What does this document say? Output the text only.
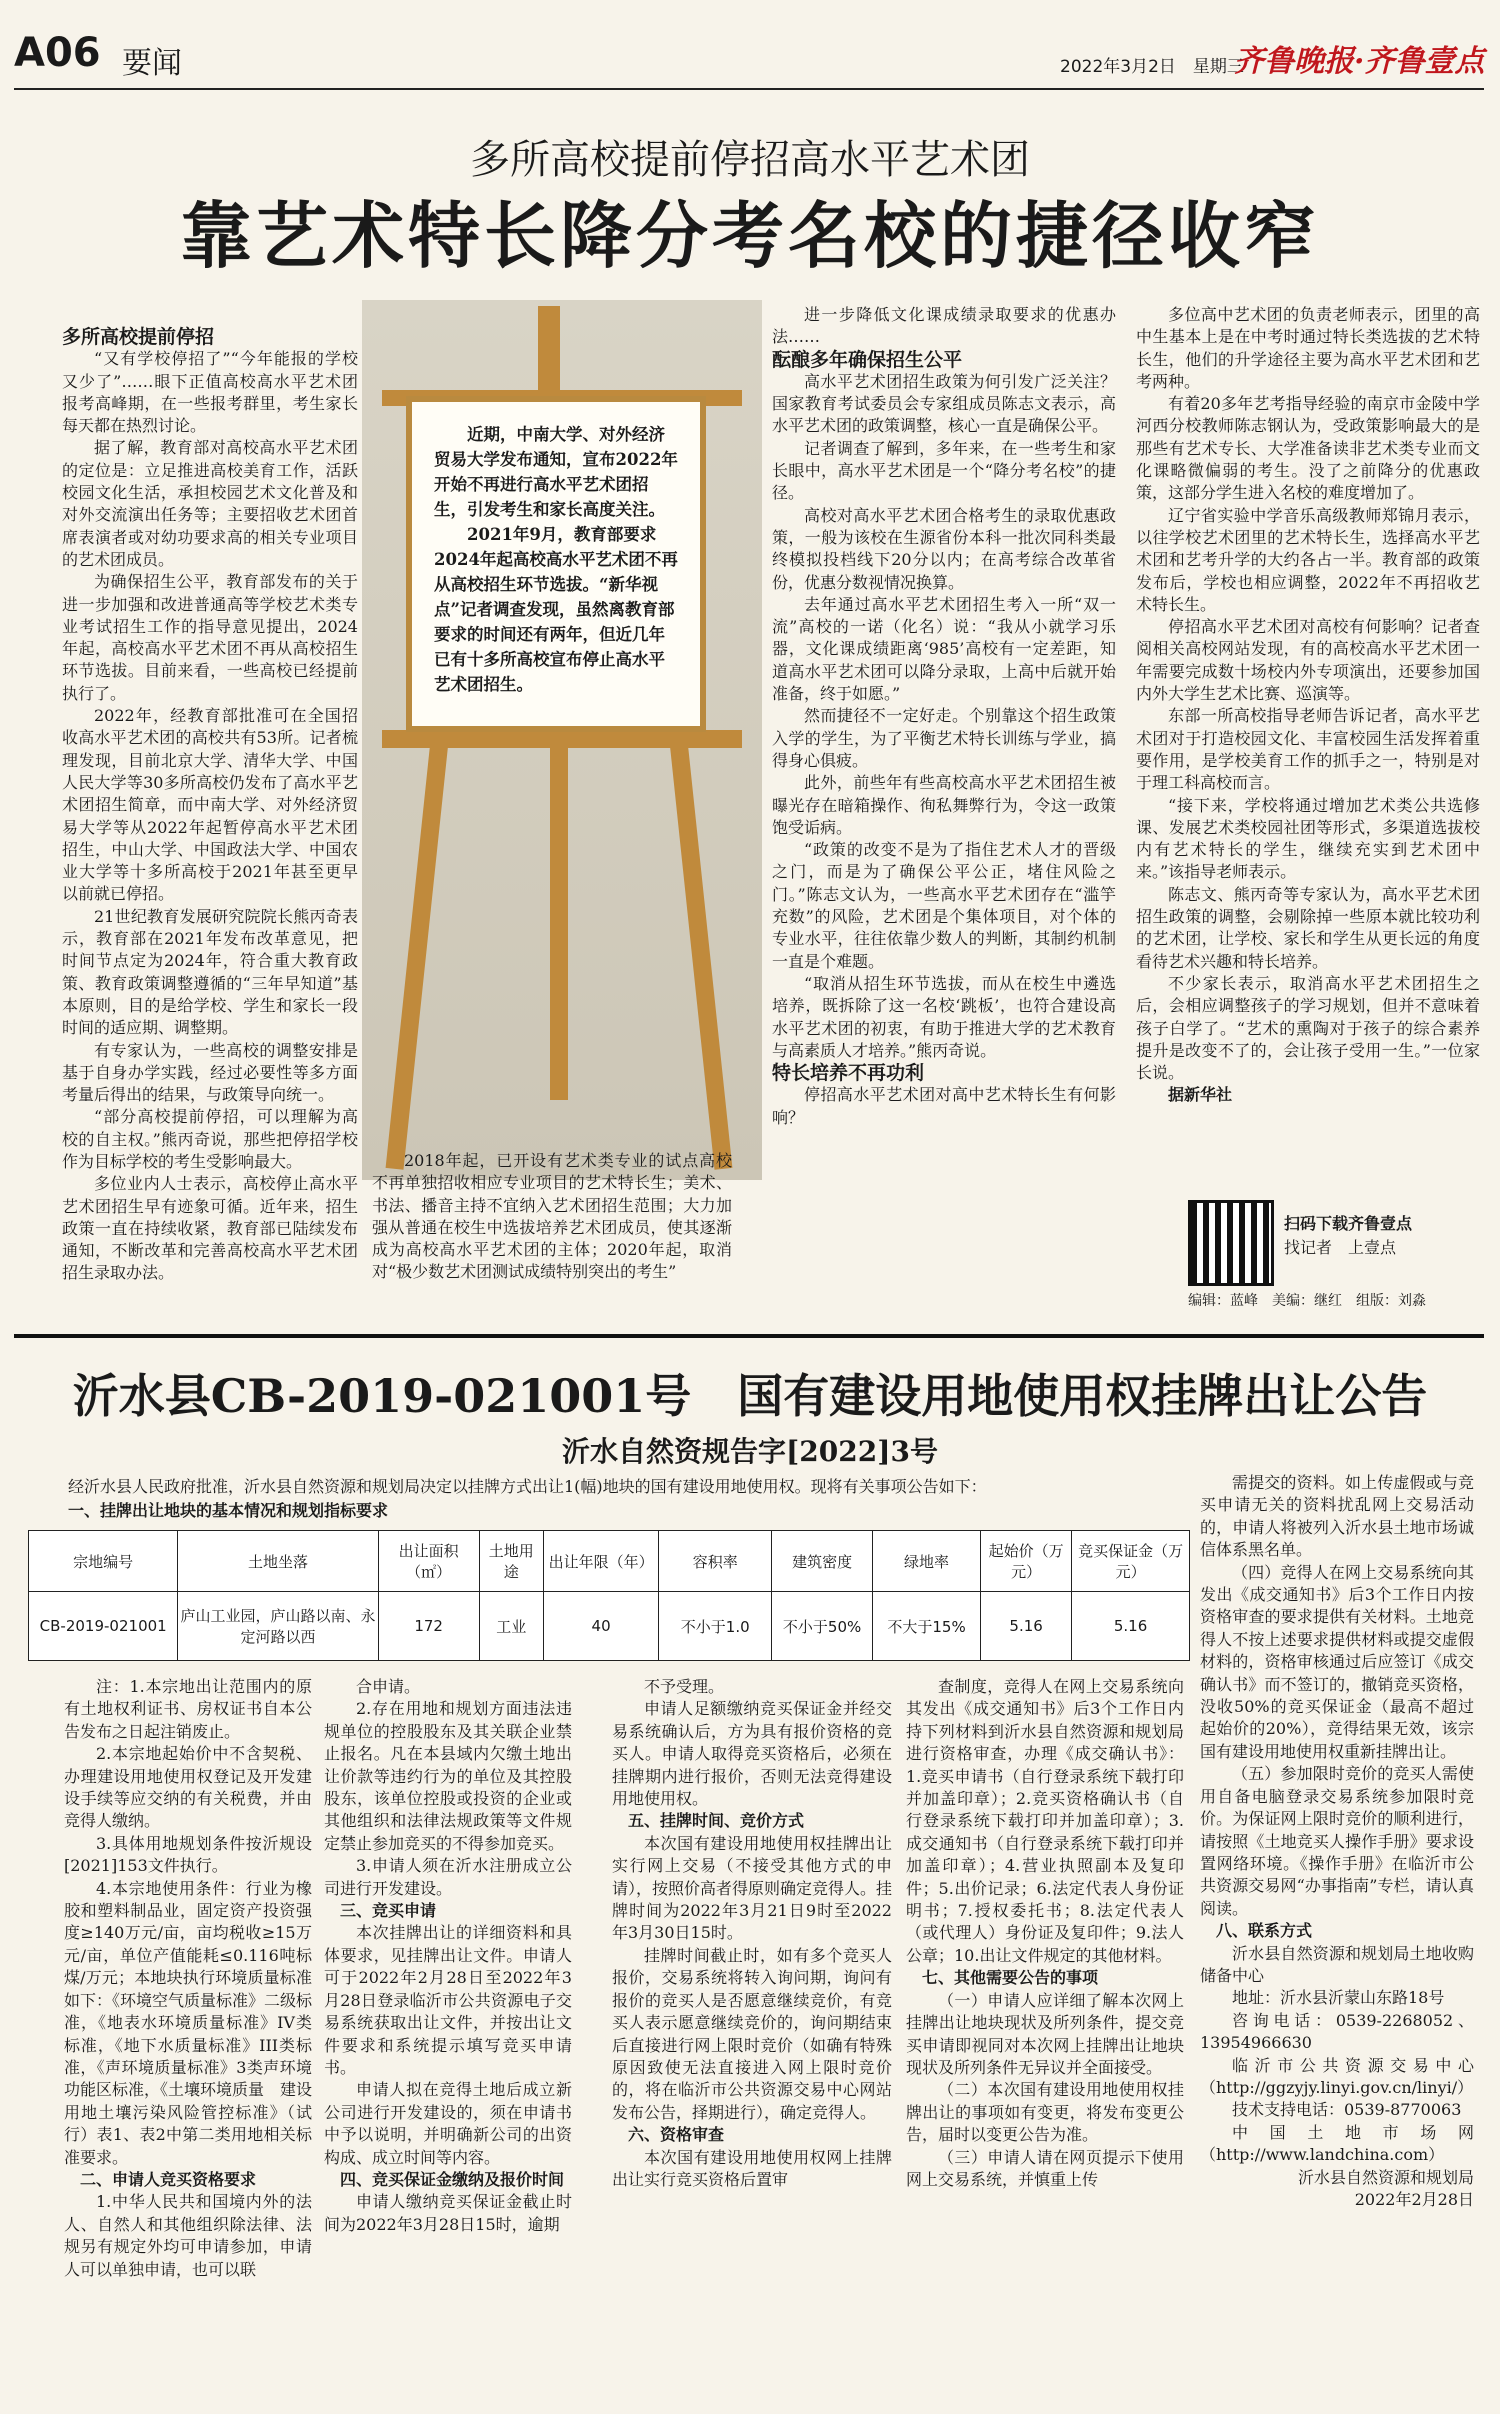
A06 要闻	2022年3月2日　星期三
齐鲁晚报·齐鲁壹点
多所高校提前停招高水平艺术团
靠艺术特长降分考名校的捷径收窄

多所高校提前停招

“又有学校停招了”“今年能报的学校又少了”……眼下正值高校高水平艺术团报考高峰期，在一些报考群里，考生家长每天都在热烈讨论。

据了解，教育部对高校高水平艺术团的定位是：立足推进高校美育工作，活跃校园文化生活，承担校园艺术文化普及和对外交流演出任务等；主要招收艺术团首席表演者或对幼功要求高的相关专业项目的艺术团成员。

为确保招生公平，教育部发布的关于进一步加强和改进普通高等学校艺术类专业考试招生工作的指导意见提出，2024年起，高校高水平艺术团不再从高校招生环节选拔。目前来看，一些高校已经提前执行了。

2022年，经教育部批准可在全国招收高水平艺术团的高校共有53所。记者梳理发现，目前北京大学、清华大学、中国人民大学等30多所高校仍发布了高水平艺术团招生简章，而中南大学、对外经济贸易大学等从2022年起暂停高水平艺术团招生，中山大学、中国政法大学、中国农业大学等十多所高校于2021年甚至更早以前就已停招。

21世纪教育发展研究院院长熊丙奇表示，教育部在2021年发布改革意见，把时间节点定为2024年，符合重大教育政策、教育政策调整遵循的“三年早知道”基本原则，目的是给学校、学生和家长一段时间的适应期、调整期。

有专家认为，一些高校的调整安排是基于自身办学实践，经过必要性等多方面考量后得出的结果，与政策导向统一。

“部分高校提前停招，可以理解为高校的自主权。”熊丙奇说，那些把停招学校作为目标学校的考生受影响最大。

多位业内人士表示，高校停止高水平艺术团招生早有迹象可循。近年来，招生政策一直在持续收紧，教育部已陆续发布通知，不断改革和完善高校高水平艺术团招生录取办法。

近期，中南大学、对外经济贸易大学发布通知，宣布2022年开始不再进行高水平艺术团招生，引发考生和家长高度关注。

2021年9月，教育部要求2024年起高校高水平艺术团不再从高校招生环节选拔。“新华视点”记者调查发现，虽然离教育部要求的时间还有两年，但近几年已有十多所高校宣布停止高水平艺术团招生。

2018年起，已开设有艺术类专业的试点高校不再单独招收相应专业项目的艺术特长生；美术、书法、播音主持不宜纳入艺术团招生范围；大力加强从普通在校生中选拔培养艺术团成员，使其逐渐成为高校高水平艺术团的主体；2020年起，取消对“极少数艺术团测试成绩特别突出的考生”

进一步降低文化课成绩录取要求的优惠办法……

酝酿多年确保招生公平

高水平艺术团招生政策为何引发广泛关注？国家教育考试委员会专家组成员陈志文表示，高水平艺术团的政策调整，核心一直是确保公平。

记者调查了解到，多年来，在一些考生和家长眼中，高水平艺术团是一个“降分考名校”的捷径。

高校对高水平艺术团合格考生的录取优惠政策，一般为该校在生源省份本科一批次同科类最终模拟投档线下20分以内；在高考综合改革省份，优惠分数视情况换算。

去年通过高水平艺术团招生考入一所“双一流”高校的一诺（化名）说：“我从小就学习乐器，文化课成绩距离‘985’高校有一定差距，知道高水平艺术团可以降分录取，上高中后就开始准备，终于如愿。”

然而捷径不一定好走。个别靠这个招生政策入学的学生，为了平衡艺术特长训练与学业，搞得身心俱疲。

此外，前些年有些高校高水平艺术团招生被曝光存在暗箱操作、徇私舞弊行为，令这一政策饱受诟病。

“政策的改变不是为了指住艺术人才的晋级之门，而是为了确保公平公正，堵住风险之门。”陈志文认为，一些高水平艺术团存在“滥竽充数”的风险，艺术团是个集体项目，对个体的专业水平，往往依靠少数人的判断，其制约机制一直是个难题。

“取消从招生环节选拔，而从在校生中遴选培养，既拆除了这一名校‘跳板’，也符合建设高水平艺术团的初衷，有助于推进大学的艺术教育与高素质人才培养。”熊丙奇说。

特长培养不再功利

停招高水平艺术团对高中艺术特长生有何影响？

多位高中艺术团的负责老师表示，团里的高中生基本上是在中考时通过特长类选拔的艺术特长生，他们的升学途径主要为高水平艺术团和艺考两种。

有着20多年艺考指导经验的南京市金陵中学河西分校教师陈志钢认为，受政策影响最大的是那些有艺术专长、大学准备读非艺术类专业而文化课略微偏弱的考生。没了之前降分的优惠政策，这部分学生进入名校的难度增加了。

辽宁省实验中学音乐高级教师郑锦月表示，以往学校艺术团里的艺术特长生，选择高水平艺术团和艺考升学的大约各占一半。教育部的政策发布后，学校也相应调整，2022年不再招收艺术特长生。

停招高水平艺术团对高校有何影响？记者查阅相关高校网站发现，有的高校高水平艺术团一年需要完成数十场校内外专项演出，还要参加国内外大学生艺术比赛、巡演等。

东部一所高校指导老师告诉记者，高水平艺术团对于打造校园文化、丰富校园生活发挥着重要作用，是学校美育工作的抓手之一，特别是对于理工科高校而言。

“接下来，学校将通过增加艺术类公共选修课、发展艺术类校园社团等形式，多渠道选拔校内有艺术特长的学生，继续充实到艺术团中来。”该指导老师表示。

陈志文、熊丙奇等专家认为，高水平艺术团招生政策的调整，会剔除掉一些原本就比较功利的艺术团，让学校、家长和学生从更长远的角度看待艺术兴趣和特长培养。

不少家长表示，取消高水平艺术团招生之后，会相应调整孩子的学习规划，但并不意味着孩子白学了。“艺术的熏陶对于孩子的综合素养提升是改变不了的，会让孩子受用一生。”一位家长说。

据新华社

扫码下载齐鲁壹点
找记者　上壹点
编辑：蓝峰　美编：继红　组版：刘淼
沂水县CB-2019-021001号　国有建设用地使用权挂牌出让公告
沂水自然资规告字[2022]3号
经沂水县人民政府批准，沂水县自然资源和规划局决定以挂牌方式出让1(幅)地块的国有建设用地使用权。现将有关事项公告如下：
一、挂牌出让地块的基本情况和规划指标要求
宗地编号	土地坐落	出让面积（㎡）	土地用途	出让年限（年）	容积率	建筑密度	绿地率	起始价（万元）	竞买保证金（万元）
CB-2019-021001	庐山工业园，庐山路以南、永定河路以西	172	工业	40	不小于1.0	不小于50%	不大于15%	5.16	5.16

需提交的资料。如上传虚假或与竞买申请无关的资料扰乱网上交易活动的，申请人将被列入沂水县土地市场诚信体系黑名单。

（四）竞得人在网上交易系统向其发出《成交通知书》后3个工作日内按资格审查的要求提供有关材料。土地竞得人不按上述要求提供材料或提交虚假材料的，资格审核通过后应签订《成交确认书》而不签订的，撤销竞买资格，没收50%的竞买保证金（最高不超过起始价的20%），竞得结果无效，该宗国有建设用地使用权重新挂牌出让。

（五）参加限时竞价的竞买人需使用自备电脑登录交易系统参加限时竞价。为保证网上限时竞价的顺利进行，请按照《土地竞买人操作手册》要求设置网络环境。《操作手册》在临沂市公共资源交易网“办事指南”专栏，请认真阅读。

八、联系方式

沂水县自然资源和规划局土地收购储备中心

地址：沂水县沂蒙山东路18号

咨询电话：0539-2268052、13954966630

临沂市公共资源交易中心（http://ggzyjy.linyi.gov.cn/linyi/）

技术支持电话：0539-8770063

中国土地市场网（http://www.landchina.com）

沂水县自然资源和规划局

2022年2月28日

注：1.本宗地出让范围内的原有土地权利证书、房权证书自本公告发布之日起注销废止。

2.本宗地起始价中不含契税、办理建设用地使用权登记及开发建设手续等应交纳的有关税费，并由竞得人缴纳。

3.具体用地规划条件按沂规设[2021]153文件执行。

4.本宗地使用条件：行业为橡胶和塑料制品业，固定资产投资强度≥140万元/亩，亩均税收≥15万元/亩，单位产值能耗≤0.116吨标煤/万元；本地块执行环境质量标准如下：《环境空气质量标准》二级标准，《地表水环境质量标准》IV类标准，《地下水质量标准》III类标准，《声环境质量标准》3类声环境功能区标准，《土壤环境质量　建设用地土壤污染风险管控标准》（试行）表1、表2中第二类用地相关标准要求。

二、申请人竞买资格要求

1.中华人民共和国境内外的法人、自然人和其他组织除法律、法规另有规定外均可申请参加，申请人可以单独申请，也可以联

合申请。

2.存在用地和规划方面违法违规单位的控股股东及其关联企业禁止报名。凡在本县域内欠缴土地出让价款等违约行为的单位及其控股股东，该单位控股或投资的企业或其他组织和法律法规政策等文件规定禁止参加竞买的不得参加竞买。

3.申请人须在沂水注册成立公司进行开发建设。

三、竞买申请

本次挂牌出让的详细资料和具体要求，见挂牌出让文件。申请人可于2022年2月28日至2022年3月28日登录临沂市公共资源电子交易系统获取出让文件，并按出让文件要求和系统提示填写竞买申请书。

申请人拟在竞得土地后成立新公司进行开发建设的，须在申请书中予以说明，并明确新公司的出资构成、成立时间等内容。

四、竞买保证金缴纳及报价时间

申请人缴纳竞买保证金截止时间为2022年3月28日15时，逾期

不予受理。

申请人足额缴纳竞买保证金并经交易系统确认后，方为具有报价资格的竞买人。申请人取得竞买资格后，必须在挂牌期内进行报价，否则无法竞得建设用地使用权。

五、挂牌时间、竞价方式

本次国有建设用地使用权挂牌出让实行网上交易（不接受其他方式的申请），按照价高者得原则确定竞得人。挂牌时间为2022年3月21日9时至2022年3月30日15时。

挂牌时间截止时，如有多个竞买人报价，交易系统将转入询问期，询问有报价的竞买人是否愿意继续竞价，有竞买人表示愿意继续竞价的，询问期结束后直接进行网上限时竞价（如确有特殊原因致使无法直接进入网上限时竞价的，将在临沂市公共资源交易中心网站发布公告，择期进行），确定竞得人。

六、资格审查

本次国有建设用地使用权网上挂牌出让实行竞买资格后置审

查制度，竞得人在网上交易系统向其发出《成交通知书》后3个工作日内持下列材料到沂水县自然资源和规划局进行资格审查，办理《成交确认书》：1.竞买申请书（自行登录系统下载打印并加盖印章）；2.竞买资格确认书（自行登录系统下载打印并加盖印章）；3.成交通知书（自行登录系统下载打印并加盖印章）；4.营业执照副本及复印件；5.出价记录；6.法定代表人身份证明书；7.授权委托书；8.法定代表人（或代理人）身份证及复印件；9.法人公章；10.出让文件规定的其他材料。

七、其他需要公告的事项

（一）申请人应详细了解本次网上挂牌出让地块现状及所列条件，提交竞买申请即视同对本次网上挂牌出让地块现状及所列条件无异议并全面接受。

（二）本次国有建设用地使用权挂牌出让的事项如有变更，将发布变更公告，届时以变更公告为准。

（三）申请人请在网页提示下使用网上交易系统，并慎重上传
